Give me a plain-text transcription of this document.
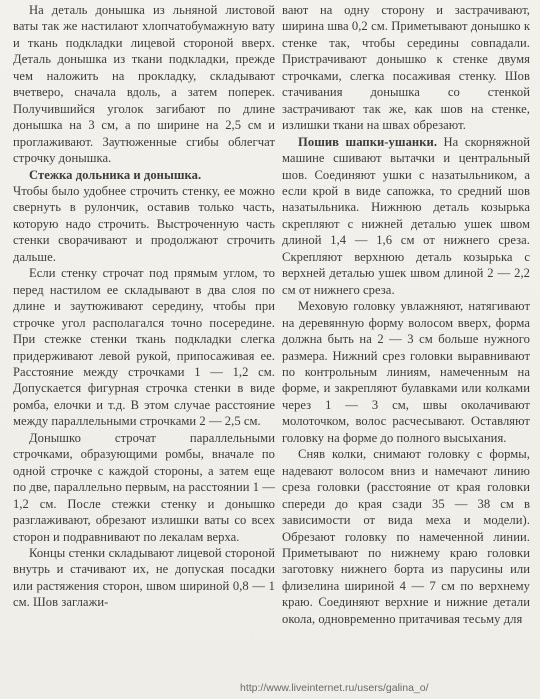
На деталь донышка из льняной листовой ваты так же настилают хлопчатобумажную вату и ткань подкладки лицевой стороной вверх. Деталь донышка из ткани подкладки, прежде чем наложить на прокладку, складывают вчетверо, сначала вдоль, а затем поперек. Получившийся уголок загибают по длине донышка на 3 см, а по ширине на 2,5 см и проглаживают. Заутюженные сгибы облегчат строчку донышка.

Стежка дольника и донышка.

Чтобы было удобнее строчить стенку, ее можно свернуть в рулончик, оставив только часть, которую надо строчить. Выстроченную часть стенки сворачивают и продолжают строчить дальше.

Если стенку строчат под прямым углом, то перед настилом ее складывают в два слоя по длине и заутюживают середину, чтобы при строчке угол располагался точно посередине. При стежке стенки ткань подкладки слегка придерживают левой рукой, припосаживая ее. Расстояние между строчками 1 — 1,2 см. Допускается фигурная строчка стенки в виде ромба, елочки и т.д. В этом случае расстояние между параллельными строчками 2 — 2,5 см.

Донышко строчат параллельными строчками, образующими ромбы, вначале по одной строчке с каждой стороны, а затем еще по две, параллельно первым, на расстоянии 1 — 1,2 см. После стежки стенку и донышко разглаживают, обрезают излишки ваты со всех сторон и подравнивают по лекалам верха.

Концы стенки складывают лицевой стороной внутрь и стачивают их, не допуская посадки или растяжения сторон, швом шириной 0,8 — 1 см. Шов заглажи-

вают на одну сторону и застрачивают, ширина шва 0,2 см. Приметывают донышко к стенке так, чтобы середины совпадали. Пристрачивают донышко к стенке двумя строчками, слегка посаживая стенку. Шов стачивания донышка со стенкой застрачивают так же, как шов на стенке, излишки ткани на швах обрезают.

Пошив шапки-ушанки. На скорняжной машине сшивают вытачки и центральный шов. Соединяют ушки с назатыльником, а если крой в виде сапожка, то средний шов назатыльника. Нижнюю деталь козырька скрепляют с нижней деталью ушек швом длиной 1,4 — 1,6 см от нижнего среза. Скрепляют верхнюю деталь козырька с верхней деталью ушек швом длиной 2 — 2,2 см от нижнего среза.

Меховую головку увлажняют, натягивают на деревянную форму волосом вверх, форма должна быть на 2 — 3 см больше нужного размера. Нижний срез головки выравнивают по контрольным линиям, намеченным на форме, и закрепляют булавками или колками через 1 — 3 см, швы околачивают молоточком, волос расчесывают. Оставляют головку на форме до полного высыхания.

Сняв колки, снимают головку с формы, надевают волосом вниз и намечают линию среза головки (расстояние от края головки спереди до края сзади 35 — 38 см в зависимости от вида меха и модели). Обрезают головку по намеченной линии. Приметывают по нижнему краю головки заготовку нижнего борта из парусины или флизелина шириной 4 — 7 см по верхнему краю. Соединяют верхние и нижние детали окола, одновременно притачивая тесьму для

http://www.liveinternet.ru/users/galina_o/
